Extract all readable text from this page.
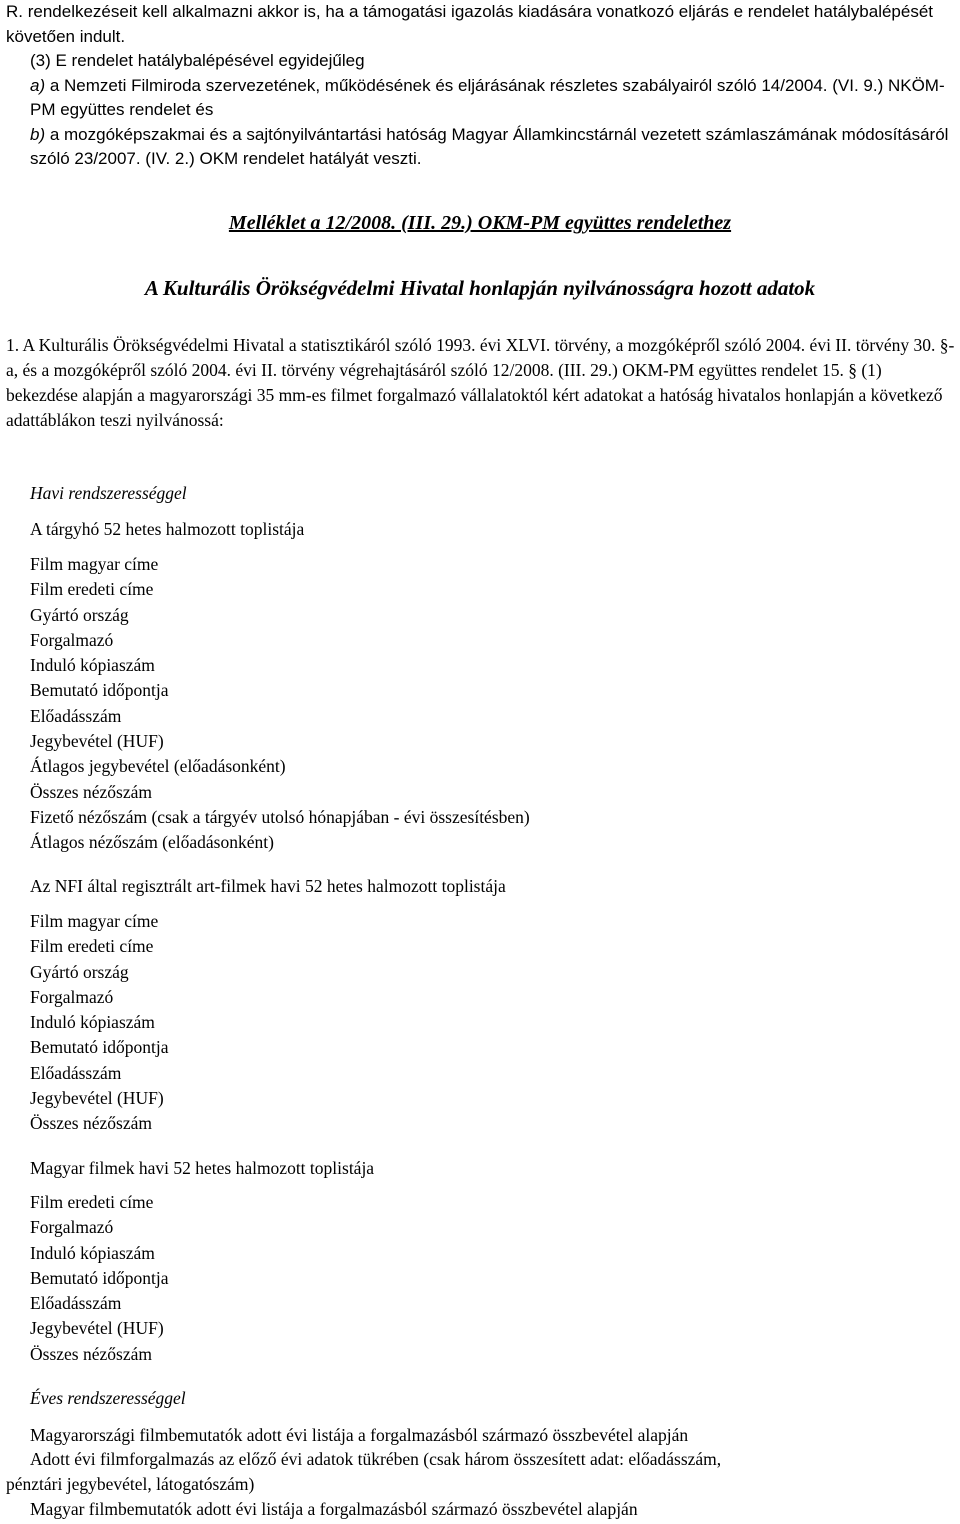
R. rendelkezéseit kell alkalmazni akkor is, ha a támogatási igazolás kiadására vonatkozó eljárás e rendelet hatálybalépését követően indult.

(3) E rendelet hatálybalépésével egyidejűleg

a) a Nemzeti Filmiroda szervezetének, működésének és eljárásának részletes szabályairól szóló 14/2004. (VI. 9.) NKÖM-PM együttes rendelet és

b) a mozgóképszakmai és a sajtónyilvántartási hatóság Magyar Államkincstárnál vezetett számlaszámának módosításáról szóló 23/2007. (IV. 2.) OKM rendelet hatályát veszti.

Melléklet a 12/2008. (III. 29.) OKM-PM együttes rendelethez
A Kulturális Örökségvédelmi Hivatal honlapján nyilvánosságra hozott adatok

1. A Kulturális Örökségvédelmi Hivatal a statisztikáról szóló 1993. évi XLVI. törvény, a mozgóképről szóló 2004. évi II. törvény 30. §-a, és a mozgóképről szóló 2004. évi II. törvény végrehajtásáról szóló 12/2008. (III. 29.) OKM-PM együttes rendelet 15. § (1) bekezdése alapján a magyarországi 35 mm-es filmet forgalmazó vállalatoktól kért adatokat a hatóság hivatalos honlapján a következő adattáblákon teszi nyilvánossá:

Havi rendszerességgel
A tárgyhó 52 hetes halmozott toplistája

Film magyar címe

Film eredeti címe

Gyártó ország

Forgalmazó

Induló kópiaszám

Bemutató időpontja

Előadásszám

Jegybevétel (HUF)

Átlagos jegybevétel (előadásonként)

Összes nézőszám

Fizető nézőszám (csak a tárgyév utolsó hónapjában - évi összesítésben)

Átlagos nézőszám (előadásonként)

Az NFI által regisztrált art-filmek havi 52 hetes halmozott toplistája

Film magyar címe

Film eredeti címe

Gyártó ország

Forgalmazó

Induló kópiaszám

Bemutató időpontja

Előadásszám

Jegybevétel (HUF)

Összes nézőszám

Magyar filmek havi 52 hetes halmozott toplistája

Film eredeti címe

Forgalmazó

Induló kópiaszám

Bemutató időpontja

Előadásszám

Jegybevétel (HUF)

Összes nézőszám

Éves rendszerességgel
Magyarországi filmbemutatók adott évi listája a forgalmazásból származó összbevétel alapján
Adott évi filmforgalmazás az előző évi adatok tükrében (csak három összesített adat: előadásszám,
pénztári jegybevétel, látogatószám)
Magyar filmbemutatók adott évi listája a forgalmazásból származó összbevétel alapján
